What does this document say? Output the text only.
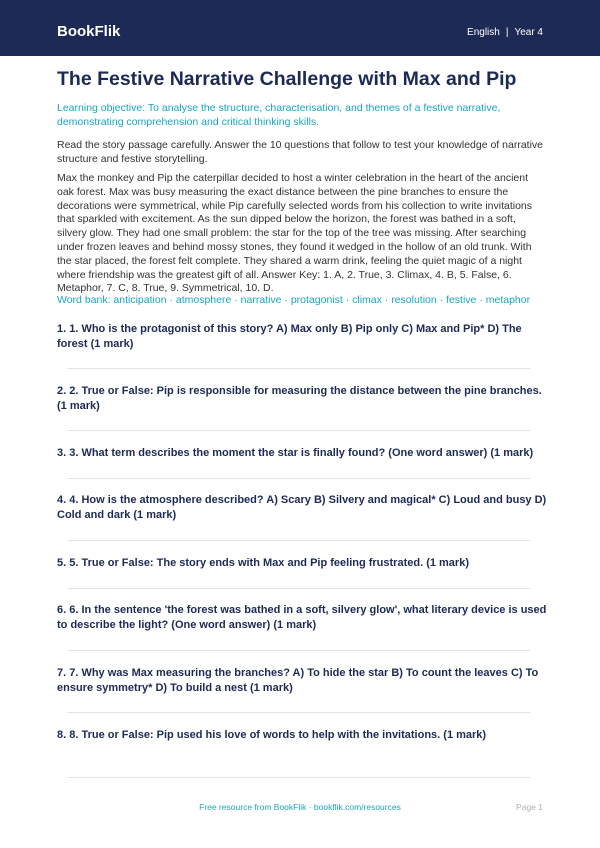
BookFlik	English | Year 4
The Festive Narrative Challenge with Max and Pip

Learning objective: To analyse the structure, characterisation, and themes of a festive narrative, demonstrating comprehension and critical thinking skills.

Read the story passage carefully. Answer the 10 questions that follow to test your knowledge of narrative structure and festive storytelling.

Max the monkey and Pip the caterpillar decided to host a winter celebration in the heart of the ancient oak forest. Max was busy measuring the exact distance between the pine branches to ensure the decorations were symmetrical, while Pip carefully selected words from his collection to write invitations that sparkled with excitement. As the sun dipped below the horizon, the forest was bathed in a soft, silvery glow. They had one small problem: the star for the top of the tree was missing. After searching under frozen leaves and behind mossy stones, they found it wedged in the hollow of an old trunk. With the star placed, the forest felt complete. They shared a warm drink, feeling the quiet magic of a night where friendship was the greatest gift of all. Answer Key: 1. A, 2. True, 3. Climax, 4. B, 5. False, 6. Metaphor, 7. C, 8. True, 9. Symmetrical, 10. D.

Word bank: anticipation · atmosphere · narrative · protagonist · climax · resolution · festive · metaphor

1. 1. Who is the protagonist of this story? A) Max only B) Pip only C) Max and Pip* D) The forest (1 mark)

2. 2. True or False: Pip is responsible for measuring the distance between the pine branches. (1 mark)

3. 3. What term describes the moment the star is finally found? (One word answer) (1 mark)

4. 4. How is the atmosphere described? A) Scary B) Silvery and magical* C) Loud and busy D) Cold and dark (1 mark)

5. 5. True or False: The story ends with Max and Pip feeling frustrated. (1 mark)

6. 6. In the sentence 'the forest was bathed in a soft, silvery glow', what literary device is used to describe the light? (One word answer) (1 mark)

7. 7. Why was Max measuring the branches? A) To hide the star B) To count the leaves C) To ensure symmetry* D) To build a nest (1 mark)

8. 8. True or False: Pip used his love of words to help with the invitations. (1 mark)

Free resource from BookFlik · bookflik.com/resources	Page 1
